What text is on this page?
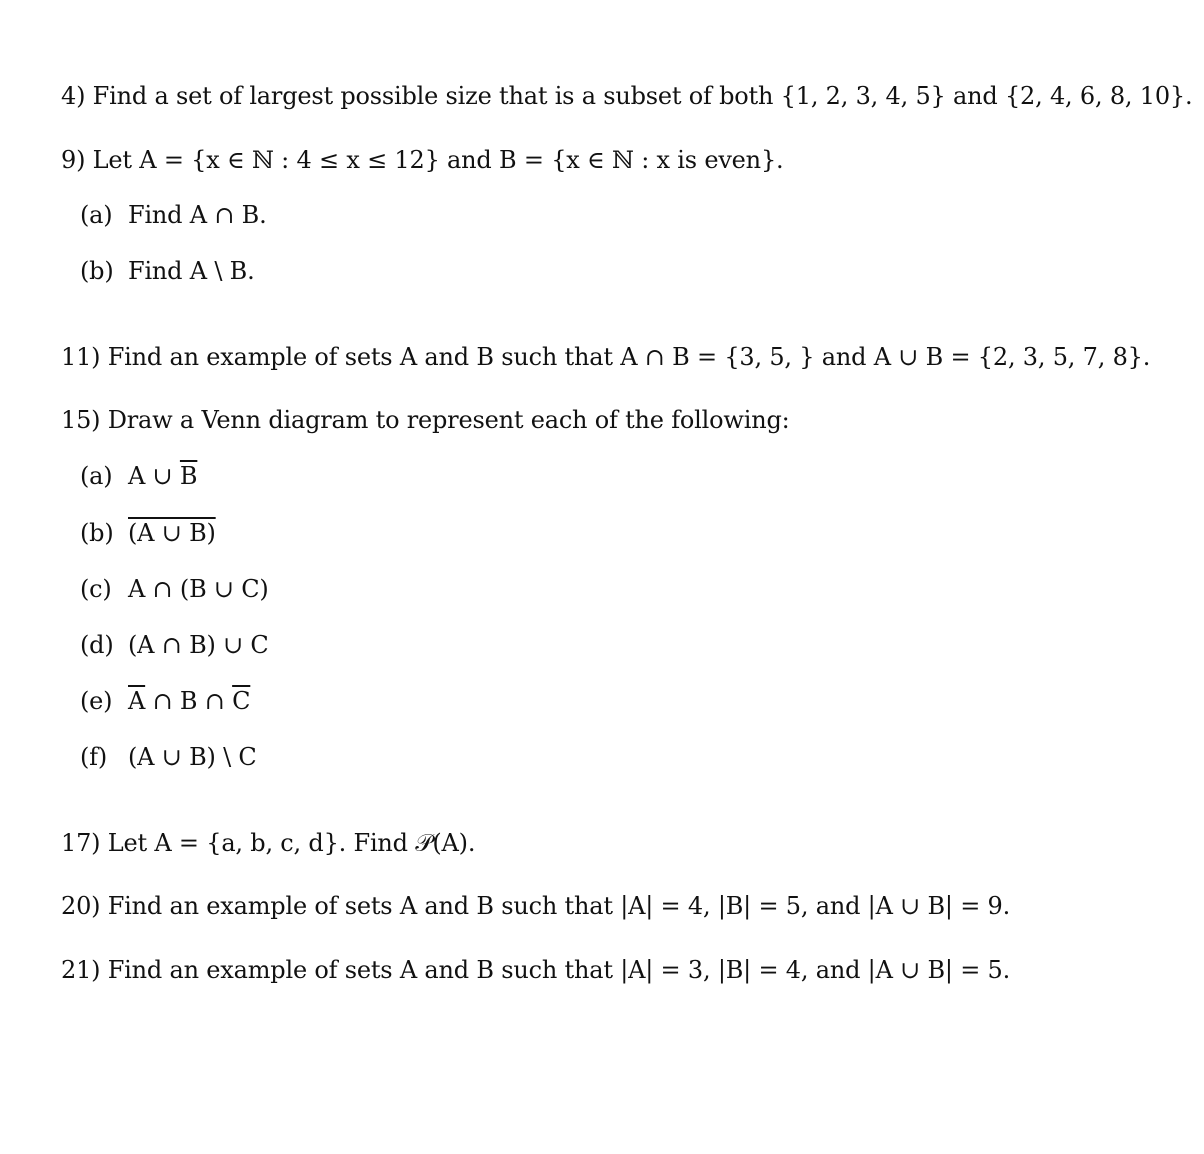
4) Find a set of largest possible size that is a subset of both {1, 2, 3, 4, 5} and {2, 4, 6, 8, 10}.
9) Let A = {x ∈ ℕ : 4 ≤ x ≤ 12} and B = {x ∈ ℕ : x is even}.
(a) Find A ∩ B.
(b) Find A \ B.
11) Find an example of sets A and B such that A ∩ B = {3, 5, } and A ∪ B = {2, 3, 5, 7, 8}.
15) Draw a Venn diagram to represent each of the following:
(a) A ∪ $\overline{B}$
(b) (A ∪ B)
(c) A ∩ (B ∪ C)
(d) (A ∩ B) ∪ C
(e) $\overline{A}$ ∩ B ∩ $\overline{C}$
(f) (A ∪ B) \ C
17) Let A = {a, b, c, d}. Find 𝒫(A).
20) Find an example of sets A and B such that |A| = 4, |B| = 5, and |A ∪ B| = 9.
21) Find an example of sets A and B such that |A| = 3, |B| = 4, and |A ∪ B| = 5.
